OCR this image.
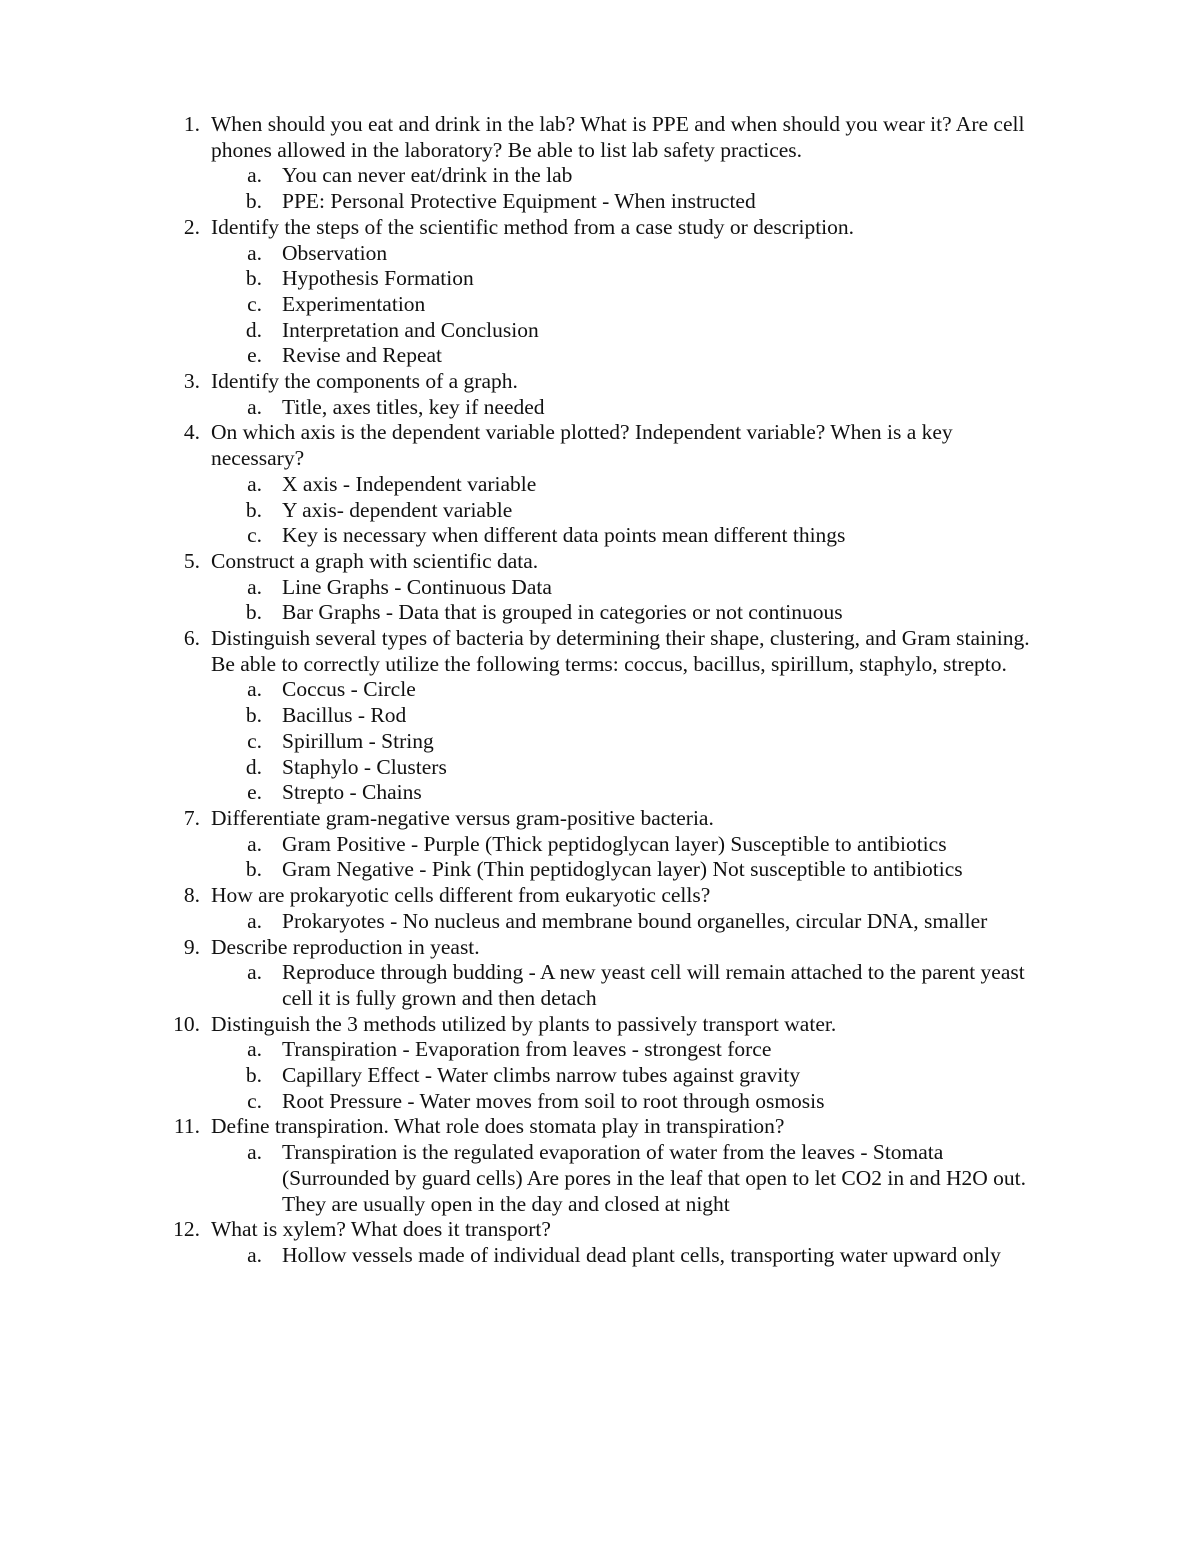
1. When should you eat and drink in the lab? What is PPE and when should you wear it? Are cell phones allowed in the laboratory? Be able to list lab safety practices.
a. You can never eat/drink in the lab
b. PPE: Personal Protective Equipment - When instructed
2. Identify the steps of the scientific method from a case study or description.
a. Observation
b. Hypothesis Formation
c. Experimentation
d. Interpretation and Conclusion
e. Revise and Repeat
3. Identify the components of a graph.
a. Title, axes titles, key if needed
4. On which axis is the dependent variable plotted? Independent variable? When is a key necessary?
a. X axis - Independent variable
b. Y axis- dependent variable
c. Key is necessary when different data points mean different things
5. Construct a graph with scientific data.
a. Line Graphs - Continuous Data
b. Bar Graphs - Data that is grouped in categories or not continuous
6. Distinguish several types of bacteria by determining their shape, clustering, and Gram staining. Be able to correctly utilize the following terms: coccus, bacillus, spirillum, staphylo, strepto.
a. Coccus - Circle
b. Bacillus - Rod
c. Spirillum - String
d. Staphylo - Clusters
e. Strepto - Chains
7. Differentiate gram-negative versus gram-positive bacteria.
a. Gram Positive - Purple (Thick peptidoglycan layer) Susceptible to antibiotics
b. Gram Negative - Pink (Thin peptidoglycan layer) Not susceptible to antibiotics
8. How are prokaryotic cells different from eukaryotic cells?
a. Prokaryotes - No nucleus and membrane bound organelles, circular DNA, smaller
9. Describe reproduction in yeast.
a. Reproduce through budding - A new yeast cell will remain attached to the parent yeast cell it is fully grown and then detach
10. Distinguish the 3 methods utilized by plants to passively transport water.
a. Transpiration - Evaporation from leaves - strongest force
b. Capillary Effect - Water climbs narrow tubes against gravity
c. Root Pressure - Water moves from soil to root through osmosis
11. Define transpiration. What role does stomata play in transpiration?
a. Transpiration is the regulated evaporation of water from the leaves - Stomata (Surrounded by guard cells) Are pores in the leaf that open to let CO2 in and H2O out. They are usually open in the day and closed at night
12. What is xylem? What does it transport?
a. Hollow vessels made of individual dead plant cells, transporting water upward only
